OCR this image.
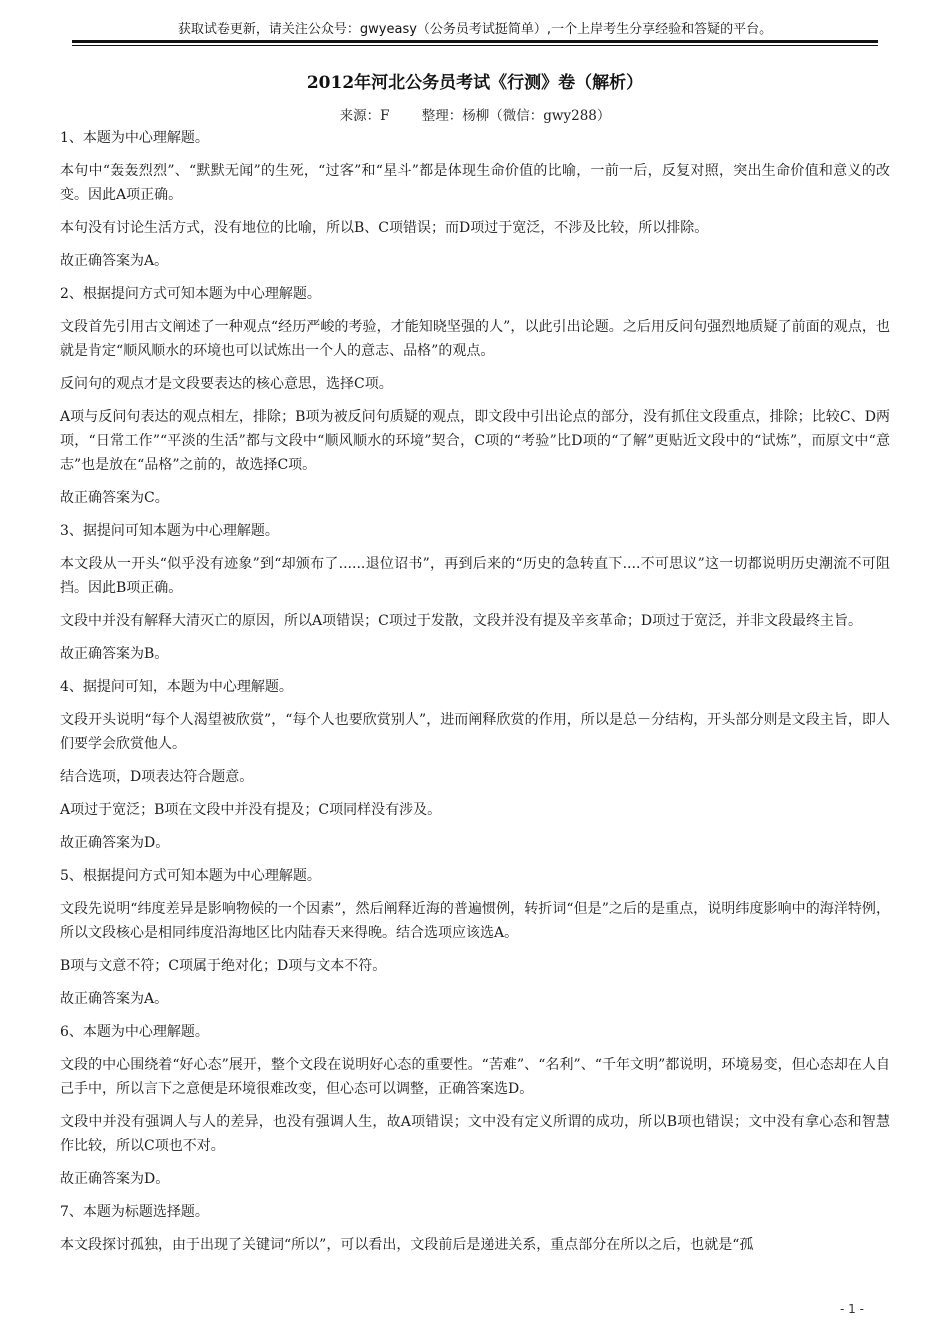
获取试卷更新，请关注公众号：gwyeasy（公务员考试挺简单）,一个上岸考生分享经验和答疑的平台。
2012年河北公务员考试《行测》卷（解析）
来源：F 整理：杨柳（微信：gwy288）

1、本题为中心理解题。

本句中“轰轰烈烈”、“默默无闻”的生死，“过客”和“星斗”都是体现生命价值的比喻，一前一后，反复对照，突出生命价值和意义的改变。因此A项正确。

本句没有讨论生活方式，没有地位的比喻，所以B、C项错误；而D项过于宽泛，不涉及比较，所以排除。

故正确答案为A。

2、根据提问方式可知本题为中心理解题。

文段首先引用古文阐述了一种观点“经历严峻的考验，才能知晓坚强的人”，以此引出论题。之后用反问句强烈地质疑了前面的观点，也就是肯定“顺风顺水的环境也可以试炼出一个人的意志、品格”的观点。

反问句的观点才是文段要表达的核心意思，选择C项。

A项与反问句表达的观点相左，排除；B项为被反问句质疑的观点，即文段中引出论点的部分，没有抓住文段重点，排除；比较C、D两项，“日常工作”“平淡的生活”都与文段中“顺风顺水的环境”契合，C项的“考验”比D项的“了解”更贴近文段中的“试炼”，而原文中“意志”也是放在“品格”之前的，故选择C项。

故正确答案为C。

3、据提问可知本题为中心理解题。

本文段从一开头“似乎没有迹象”到“却颁布了......退位诏书”，再到后来的“历史的急转直下....不可思议”这一切都说明历史潮流不可阻挡。因此B项正确。

文段中并没有解释大清灭亡的原因，所以A项错误；C项过于发散，文段并没有提及辛亥革命；D项过于宽泛，并非文段最终主旨。

故正确答案为B。

4、据提问可知，本题为中心理解题。

文段开头说明“每个人渴望被欣赏”，“每个人也要欣赏别人”，进而阐释欣赏的作用，所以是总－分结构，开头部分则是文段主旨，即人们要学会欣赏他人。

结合选项，D项表达符合题意。

A项过于宽泛；B项在文段中并没有提及；C项同样没有涉及。

故正确答案为D。

5、根据提问方式可知本题为中心理解题。

文段先说明“纬度差异是影响物候的一个因素”，然后阐释近海的普遍惯例，转折词“但是”之后的是重点，说明纬度影响中的海洋特例，所以文段核心是相同纬度沿海地区比内陆春天来得晚。结合选项应该选A。

B项与文意不符；C项属于绝对化；D项与文本不符。

故正确答案为A。

6、本题为中心理解题。

文段的中心围绕着“好心态”展开，整个文段在说明好心态的重要性。“苦难”、“名利”、“千年文明”都说明，环境易变，但心态却在人自己手中，所以言下之意便是环境很难改变，但心态可以调整，正确答案选D。

文段中并没有强调人与人的差异，也没有强调人生，故A项错误；文中没有定义所谓的成功，所以B项也错误；文中没有拿心态和智慧作比较，所以C项也不对。

故正确答案为D。

7、本题为标题选择题。

本文段探讨孤独，由于出现了关键词“所以”，可以看出，文段前后是递进关系，重点部分在所以之后，也就是“孤

- 1 -
